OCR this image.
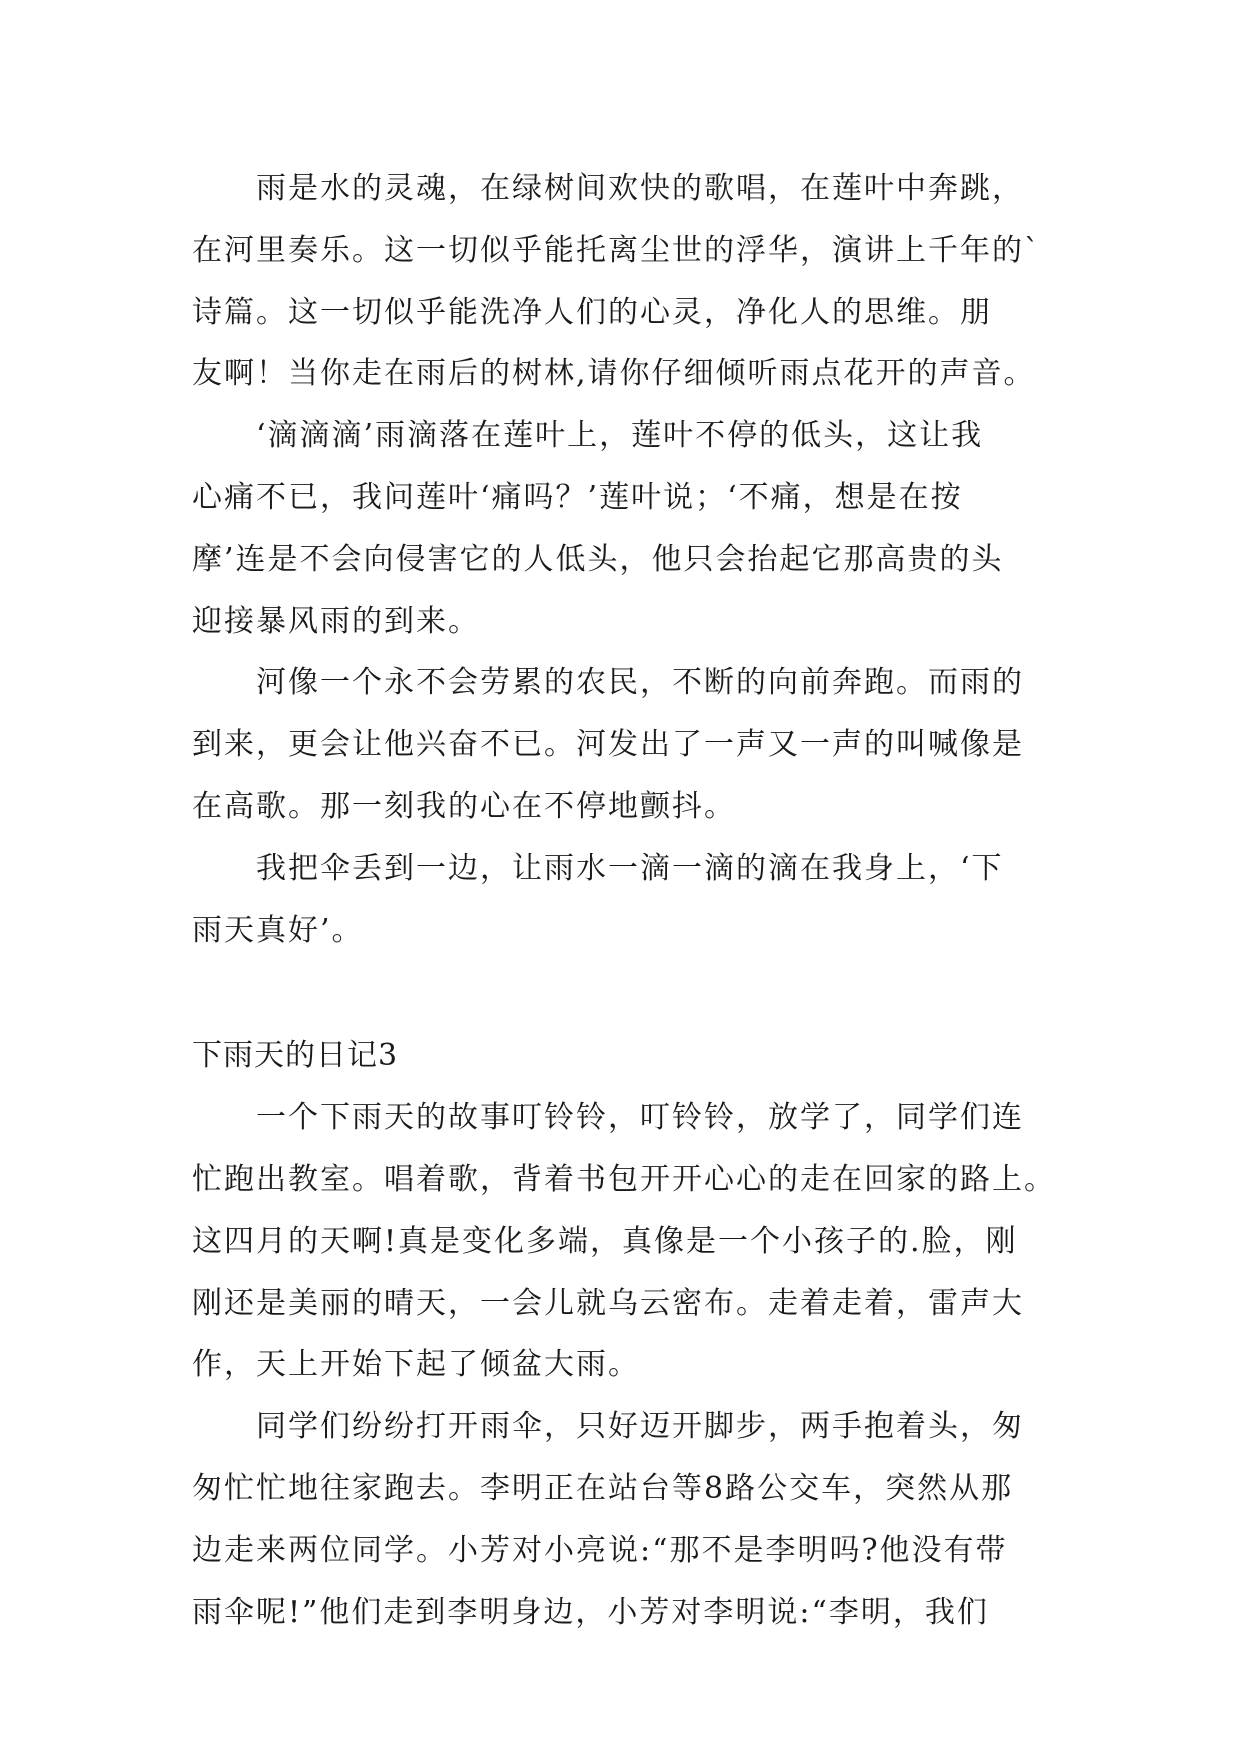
雨是水的灵魂，在绿树间欢快的歌唱，在莲叶中奔跳，
在河里奏乐。这一切似乎能托离尘世的浮华，演讲上千年的`
诗篇。这一切似乎能洗净人们的心灵，净化人的思维。朋
友啊！当你走在雨后的树林,请你仔细倾听雨点花开的声音。
‘滴滴滴’雨滴落在莲叶上，莲叶不停的低头，这让我
心痛不已，我问莲叶‘痛吗？’莲叶说；‘不痛，想是在按
摩’连是不会向侵害它的人低头，他只会抬起它那高贵的头
迎接暴风雨的到来。
河像一个永不会劳累的农民，不断的向前奔跑。而雨的
到来，更会让他兴奋不已。河发出了一声又一声的叫喊像是
在高歌。那一刻我的心在不停地颤抖。
我把伞丢到一边，让雨水一滴一滴的滴在我身上，‘下
雨天真好’。
下雨天的日记3
一个下雨天的故事叮铃铃，叮铃铃，放学了，同学们连
忙跑出教室。唱着歌，背着书包开开心心的走在回家的路上。
这四月的天啊!真是变化多端，真像是一个小孩子的.脸，刚
刚还是美丽的晴天，一会儿就乌云密布。走着走着，雷声大
作，天上开始下起了倾盆大雨。
同学们纷纷打开雨伞，只好迈开脚步，两手抱着头，匆
匆忙忙地往家跑去。李明正在站台等8路公交车，突然从那
边走来两位同学。小芳对小亮说:“那不是李明吗?他没有带
雨伞呢!”他们走到李明身边，小芳对李明说:“李明，我们
